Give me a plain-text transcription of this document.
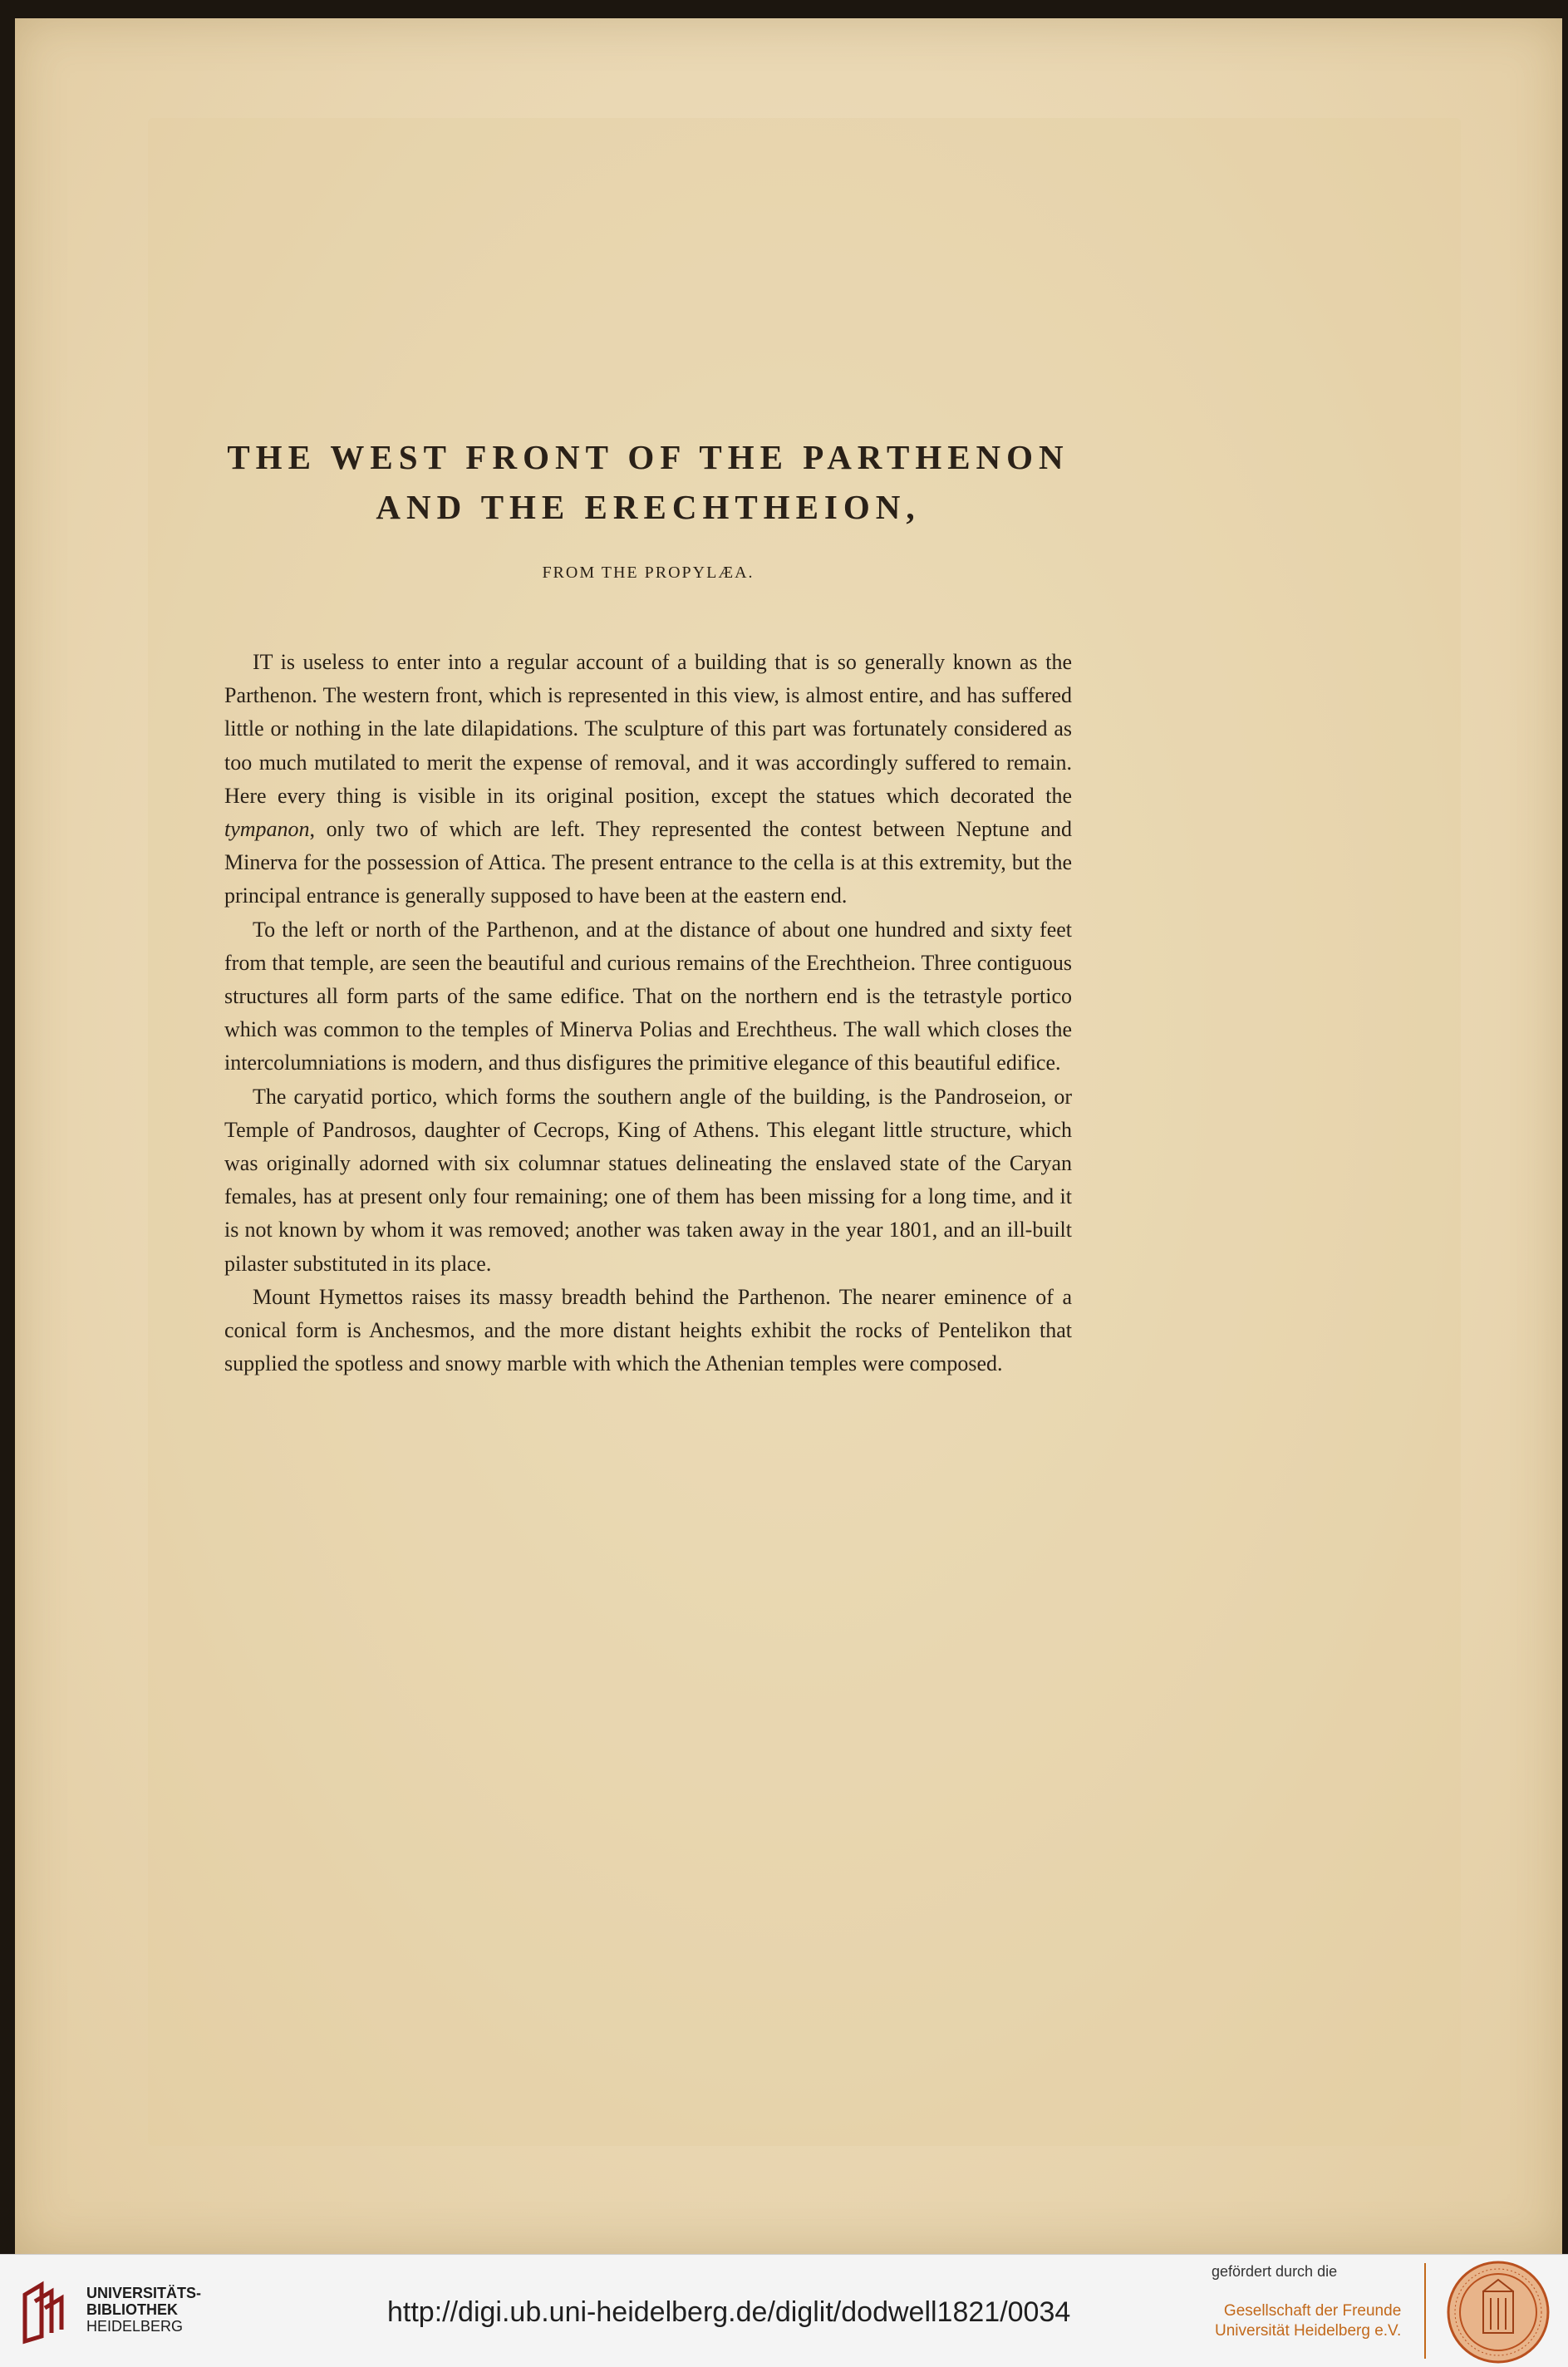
THE WEST FRONT OF THE PARTHENON
AND THE ERECHTHEION,
FROM THE PROPYLÆA.

IT is useless to enter into a regular account of a building that is so generally known as the Parthenon. The western front, which is represented in this view, is almost entire, and has suffered little or nothing in the late dilapidations. The sculpture of this part was fortunately considered as too much mutilated to merit the expense of removal, and it was accordingly suffered to remain. Here every thing is visible in its original position, except the statues which decorated the tympanon, only two of which are left. They represented the contest between Neptune and Minerva for the possession of Attica. The present entrance to the cella is at this extremity, but the principal entrance is generally supposed to have been at the eastern end.

To the left or north of the Parthenon, and at the distance of about one hundred and sixty feet from that temple, are seen the beautiful and curious remains of the Erechtheion. Three contiguous structures all form parts of the same edifice. That on the northern end is the tetrastyle portico which was common to the temples of Minerva Polias and Erechtheus. The wall which closes the intercolumniations is modern, and thus disfigures the primitive elegance of this beautiful edifice.

The caryatid portico, which forms the southern angle of the building, is the Pandroseion, or Temple of Pandrosos, daughter of Cecrops, King of Athens. This elegant little structure, which was originally adorned with six columnar statues delineating the enslaved state of the Caryan females, has at present only four remaining; one of them has been missing for a long time, and it is not known by whom it was removed; another was taken away in the year 1801, and an ill-built pilaster substituted in its place.

Mount Hymettos raises its massy breadth behind the Parthenon. The nearer eminence of a conical form is Anchesmos, and the more distant heights exhibit the rocks of Pentelikon that supplied the spotless and snowy marble with which the Athenian temples were composed.

UNIVERSITÄTS-
BIBLIOTHEK
HEIDELBERG	http://digi.ub.uni-heidelberg.de/diglit/dodwell1821/0034
gefördert durch die
Gesellschaft der Freunde
Universität Heidelberg e.V.
